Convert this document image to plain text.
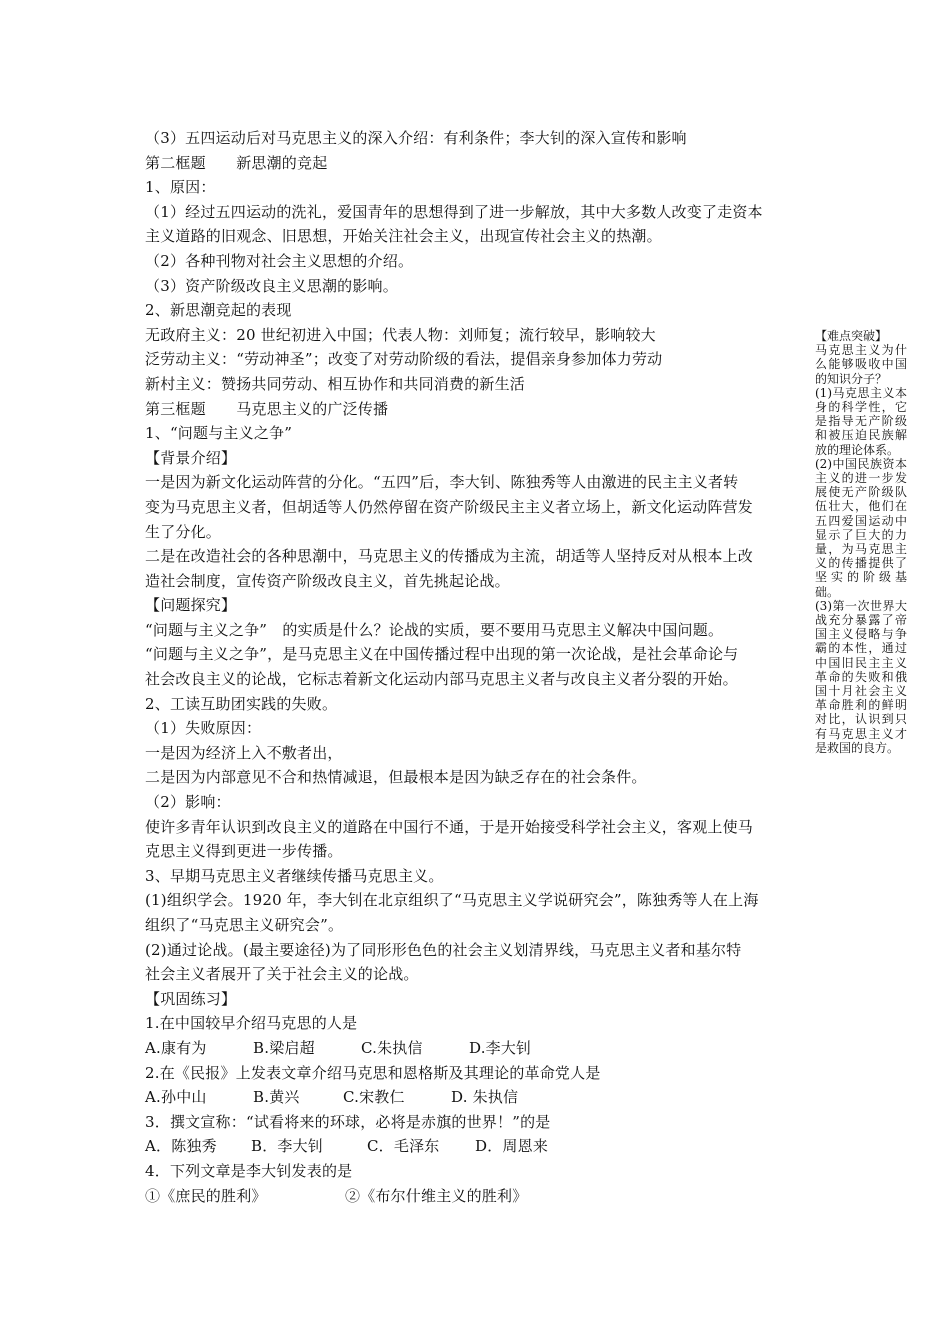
（3）五四运动后对马克思主义的深入介绍：有利条件；李大钊的深入宣传和影响

第二框题　　新思潮的竞起

1、原因：

（1）经过五四运动的洗礼，爱国青年的思想得到了进一步解放，其中大多数人改变了走资本

主义道路的旧观念、旧思想，开始关注社会主义，出现宣传社会主义的热潮。

（2）各种刊物对社会主义思想的介绍。

（3）资产阶级改良主义思潮的影响。

2、新思潮竞起的表现

无政府主义：20 世纪初进入中国；代表人物：刘师复；流行较早，影响较大

泛劳动主义：“劳动神圣”；改变了对劳动阶级的看法，提倡亲身参加体力劳动

新村主义：赞扬共同劳动、相互协作和共同消费的新生活

第三框题　　马克思主义的广泛传播

1、“问题与主义之争”

【背景介绍】

一是因为新文化运动阵营的分化。“五四”后，李大钊、陈独秀等人由激进的民主主义者转

变为马克思主义者，但胡适等人仍然停留在资产阶级民主主义者立场上，新文化运动阵营发

生了分化。

二是在改造社会的各种思潮中，马克思主义的传播成为主流，胡适等人坚持反对从根本上改

造社会制度，宣传资产阶级改良主义，首先挑起论战。

【问题探究】

“问题与主义之争”　的实质是什么？论战的实质，要不要用马克思主义解决中国问题。

“问题与主义之争”，是马克思主义在中国传播过程中出现的第一次论战，是社会革命论与

社会改良主义的论战，它标志着新文化运动内部马克思主义者与改良主义者分裂的开始。

2、工读互助团实践的失败。

（1）失败原因：

一是因为经济上入不敷者出，

二是因为内部意见不合和热情减退，但最根本是因为缺乏存在的社会条件。

（2）影响：

使许多青年认识到改良主义的道路在中国行不通，于是开始接受科学社会主义，客观上使马

克思主义得到更进一步传播。

3、早期马克思主义者继续传播马克思主义。

(1)组织学会。1920 年，李大钊在北京组织了“马克思主义学说研究会”，陈独秀等人在上海

组织了“马克思主义研究会”。

(2)通过论战。(最主要途径)为了同形形色色的社会主义划清界线，马克思主义者和基尔特

社会主义者展开了关于社会主义的论战。

【巩固练习】

1.在中国较早介绍马克思的人是

A.康有为	B.梁启超	C.朱执信	D.李大钊

2.在《民报》上发表文章介绍马克思和恩格斯及其理论的革命党人是

A.孙中山	B.黄兴	C.宋教仁	D. 朱执信

3．撰文宣称：“试看将来的环球，必将是赤旗的世界！”的是

A．陈独秀 B．李大钊	C．毛泽东 D．周恩来

4．下列文章是李大钊发表的是

①《庶民的胜利》	②《布尔什维主义的胜利》

【难点突破】

马克思主义为什么能够吸收中国的知识分子？

(1)马克思主义本身的科学性，它是指导无产阶级和被压迫民族解放的理论体系。

(2)中国民族资本主义的进一步发展使无产阶级队伍壮大，他们在五四爱国运动中显示了巨大的力量，为马克思主义的传播提供了坚实的阶级基础。

(3)第一次世界大战充分暴露了帝国主义侵略与争霸的本性，通过中国旧民主主义革命的失败和俄国十月社会主义革命胜利的鲜明对比，认识到只有马克思主义才是救国的良方。
